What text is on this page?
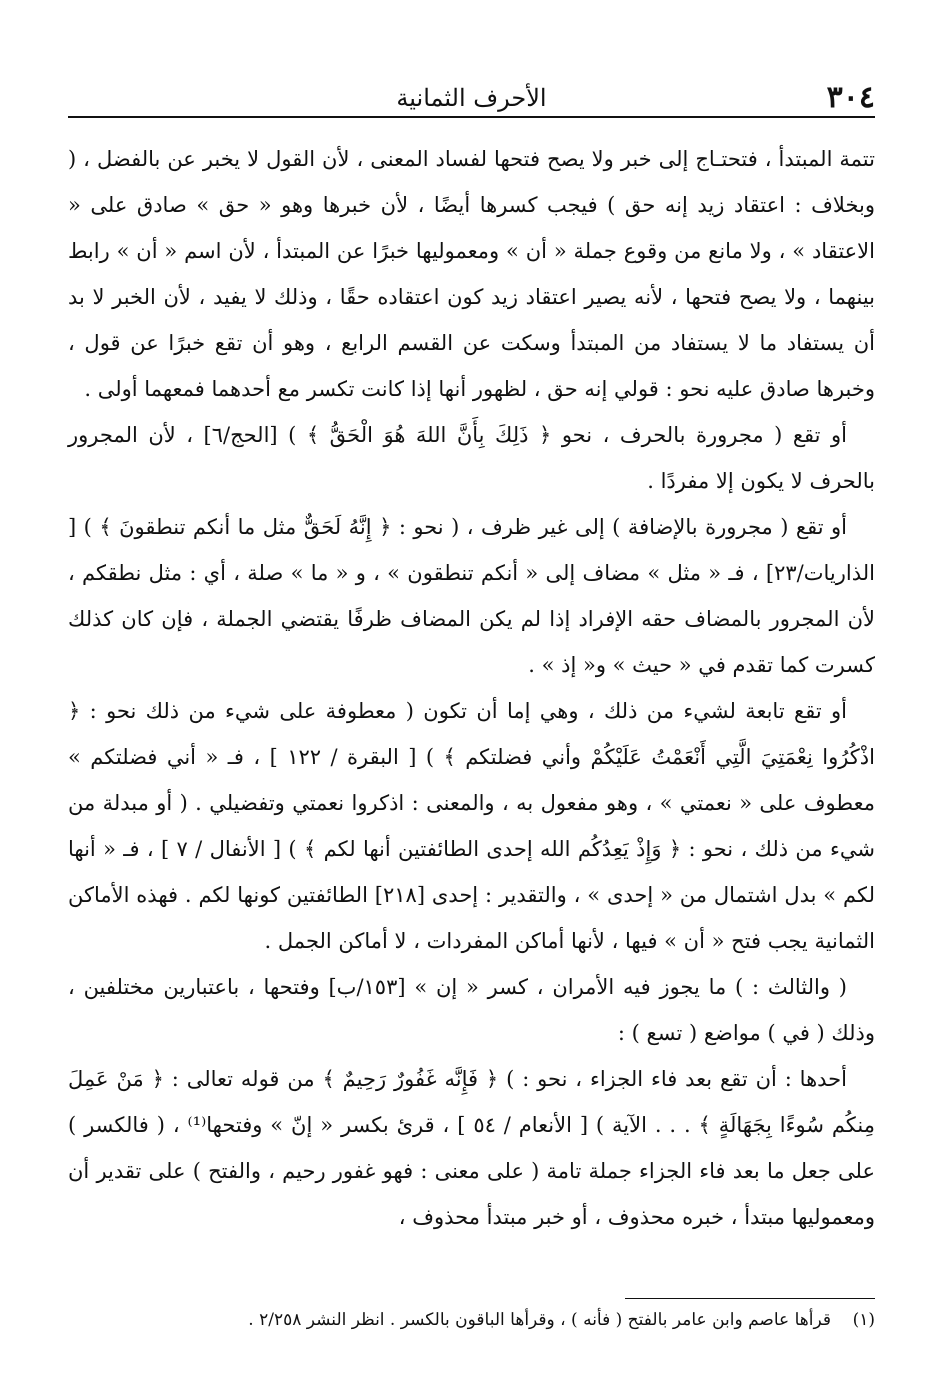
٣٠٤
الأحرف الثمانية

تتمة المبتدأ ، فتحتـاج إلى خبر ولا يصح فتحها لفساد المعنى ، لأن القول لا يخبر عن بالفضل ، ( وبخلاف : اعتقاد زيد إنه حق ) فيجب كسرها أيضًا ، لأن خبرها وهو « حق » صادق على « الاعتقاد » ، ولا مانع من وقوع جملة « أن » ومعموليها خبرًا عن المبتدأ ، لأن اسم « أن » رابط بينهما ، ولا يصح فتحها ، لأنه يصير اعتقاد زيد كون اعتقاده حقًا ، وذلك لا يفيد ، لأن الخبر لا بد أن يستفاد ما لا يستفاد من المبتدأ وسكت عن القسم الرابع ، وهو أن تقع خبرًا عن قول ، وخبرها صادق عليه نحو : قولي إنه حق ، لظهور أنها إذا كانت تكسر مع أحدهما فمعهما أولى .

أو تقع ( مجرورة بالحرف ، نحو ﴿ ذَلِكَ بِأَنَّ اللهَ هُوَ الْحَقُّ ﴾ ) [الحج/٦] ، لأن المجرور بالحرف لا يكون إلا مفردًا .

أو تقع ( مجرورة بالإضافة ) إلى غير ظرف ، ( نحو : ﴿ إِنَّهُ لَحَقٌّ مثل ما أنكم تنطقونَ ﴾ ) [ الذاريات/٢٣] ، فـ « مثل » مضاف إلى « أنكم تنطقون » ، و « ما » صلة ، أي : مثل نطقكم ، لأن المجرور بالمضاف حقه الإفراد إذا لم يكن المضاف ظرفًا يقتضي الجملة ، فإن كان كذلك كسرت كما تقدم في « حيث » و« إذ » .

أو تقع تابعة لشيء من ذلك ، وهي إما أن تكون ( معطوفة على شيء من ذلك نحو : ﴿ اذْكُرُوا نِعْمَتِيَ الَّتِي أَنْعَمْتُ عَلَيْكُمْ وأني فضلتكم ﴾ ) [ البقرة / ١٢٢ ] ، فـ « أني فضلتكم » معطوف على « نعمتي » ، وهو مفعول به ، والمعنى : اذكروا نعمتي وتفضيلي . ( أو مبدلة من شيء من ذلك ، نحو : ﴿ وَإِذْ يَعِدُكُم الله إحدى الطائفتين أنها لكم ﴾ ) [ الأنفال / ٧ ] ، فـ « أنها لكم » بدل اشتمال من « إحدى » ، والتقدير : إحدى [٢١٨] الطائفتين كونها لكم . فهذه الأماكن الثمانية يجب فتح « أن » فيها ، لأنها أماكن المفردات ، لا أماكن الجمل .

( والثالث : ) ما يجوز فيه الأمران ، كسر « إن » [١٥٣/ب] وفتحها ، باعتبارين مختلفين ، وذلك ( في ) مواضع ( تسع ) :

أحدها : أن تقع بعد فاء الجزاء ، نحو : ) ﴿ فَإِنَّه غَفُورٌ رَحِيمٌ ﴾ من قوله تعالى : ﴿ مَنْ عَمِلَ مِنكُم سُوءًا بِجَهَالَةٍ ﴾ . . . الآية ) [ الأنعام / ٥٤ ] ، قرئ بكسر « إنّ » وفتحها⁽¹⁾ ، ( فالكسر ) على جعل ما بعد فاء الجزاء جملة تامة ( على معنى : فهو غفور رحيم ، والفتح ) على تقدير أن ومعموليها مبتدأ ، خبره محذوف ، أو خبر مبتدأ محذوف ،

(١)    قرأها عاصم وابن عامر بالفتح ( فأنه ) ، وقرأها الباقون بالكسر . انظر النشر ٢/٢٥٨ .
